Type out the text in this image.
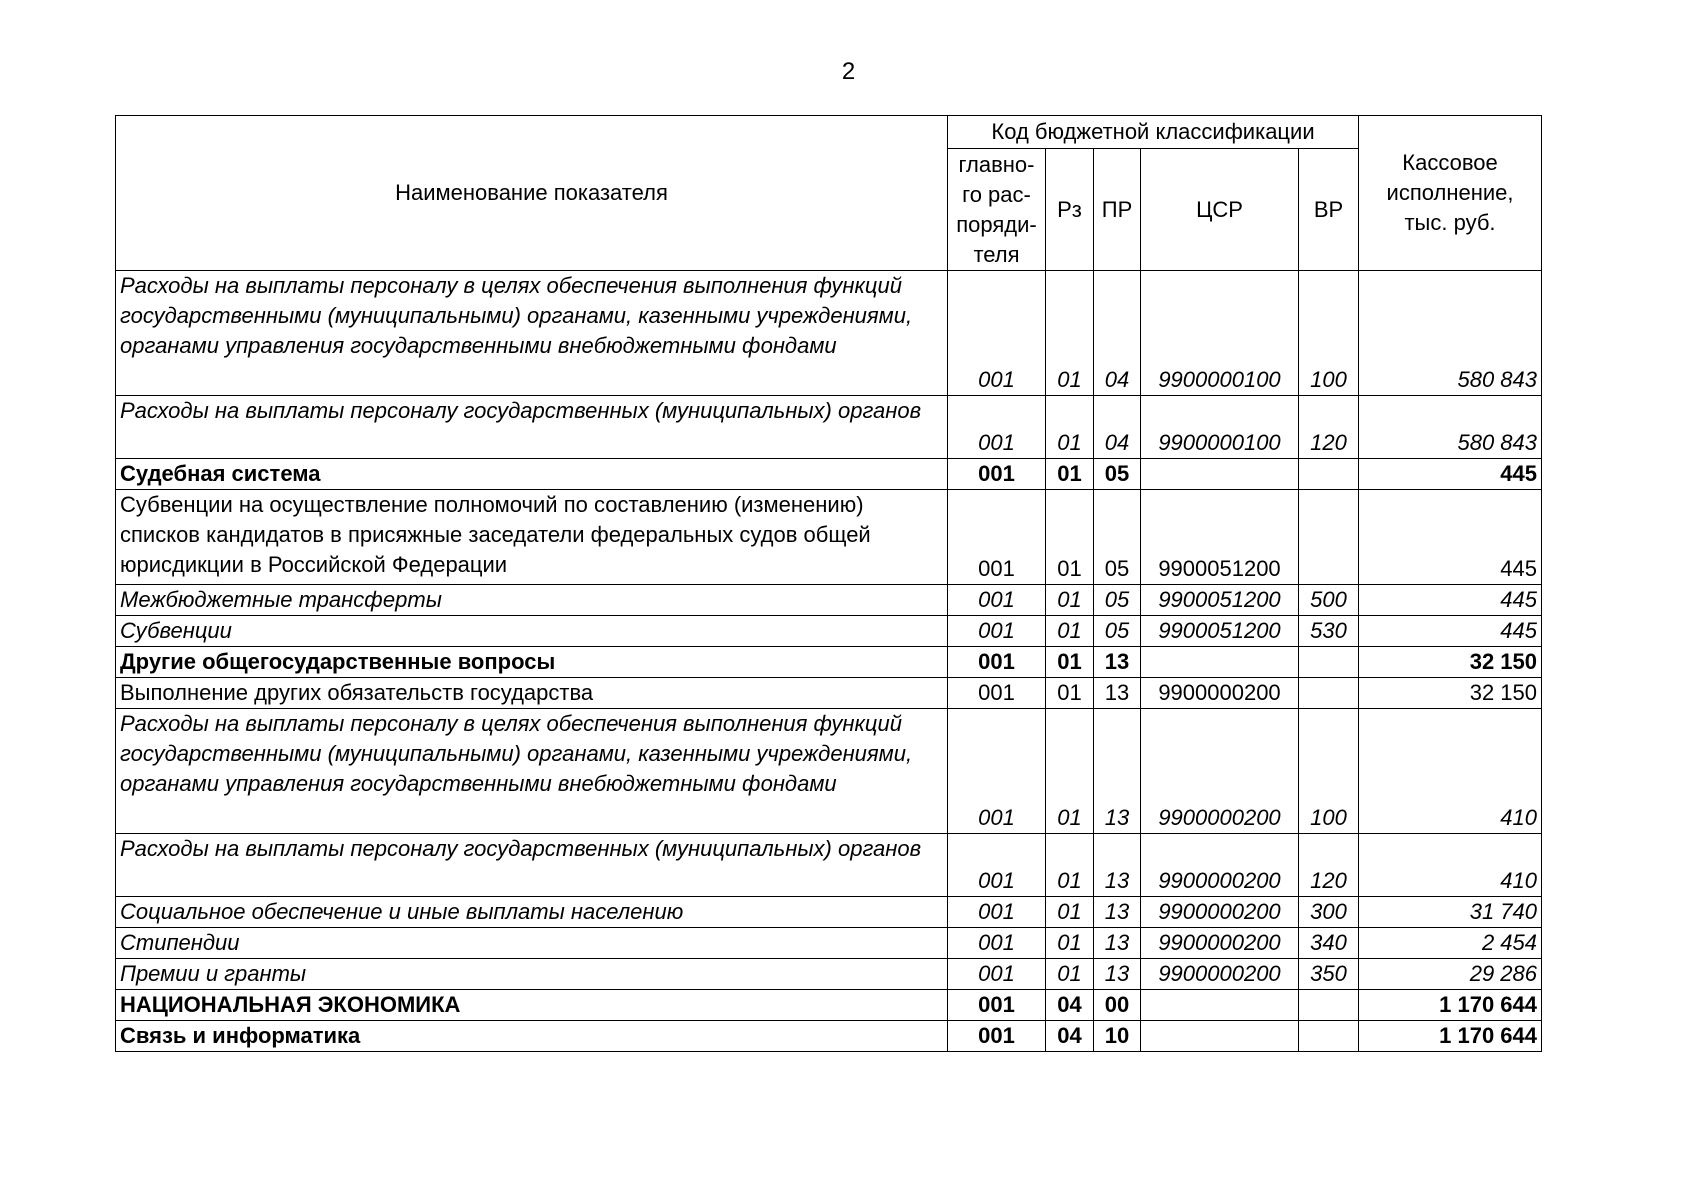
2
Наименование показателя	Код бюджетной классификации					Кассовое исполнение, тыс. руб.
	главно-го рас-поряди-теля	Рз	ПР	ЦСР	ВР	
Расходы на выплаты персоналу в целях обеспечения выполнения функций государственными (муниципальными) органами, казенными учреждениями, органами управления государственными внебюджетными фондами	001	01	04	9900000100	100	580 843
Расходы на выплаты персоналу государственных (муниципальных) органов	001	01	04	9900000100	120	580 843
Судебная система	001	01	05			445
Субвенции на осуществление полномочий по составлению (изменению) списков кандидатов в присяжные заседатели федеральных судов общей юрисдикции в Российской Федерации	001	01	05	9900051200		445
Межбюджетные трансферты	001	01	05	9900051200	500	445
Субвенции	001	01	05	9900051200	530	445
Другие общегосударственные вопросы	001	01	13			32 150
Выполнение других обязательств государства	001	01	13	9900000200		32 150
Расходы на выплаты персоналу в целях обеспечения выполнения функций государственными (муниципальными) органами, казенными учреждениями, органами управления государственными внебюджетными фондами	001	01	13	9900000200	100	410
Расходы на выплаты персоналу государственных (муниципальных) органов	001	01	13	9900000200	120	410
Социальное обеспечение и иные выплаты населению	001	01	13	9900000200	300	31 740
Стипендии	001	01	13	9900000200	340	2 454
Премии и гранты	001	01	13	9900000200	350	29 286
НАЦИОНАЛЬНАЯ ЭКОНОМИКА	001	04	00			1 170 644
Связь и информатика	001	04	10			1 170 644
